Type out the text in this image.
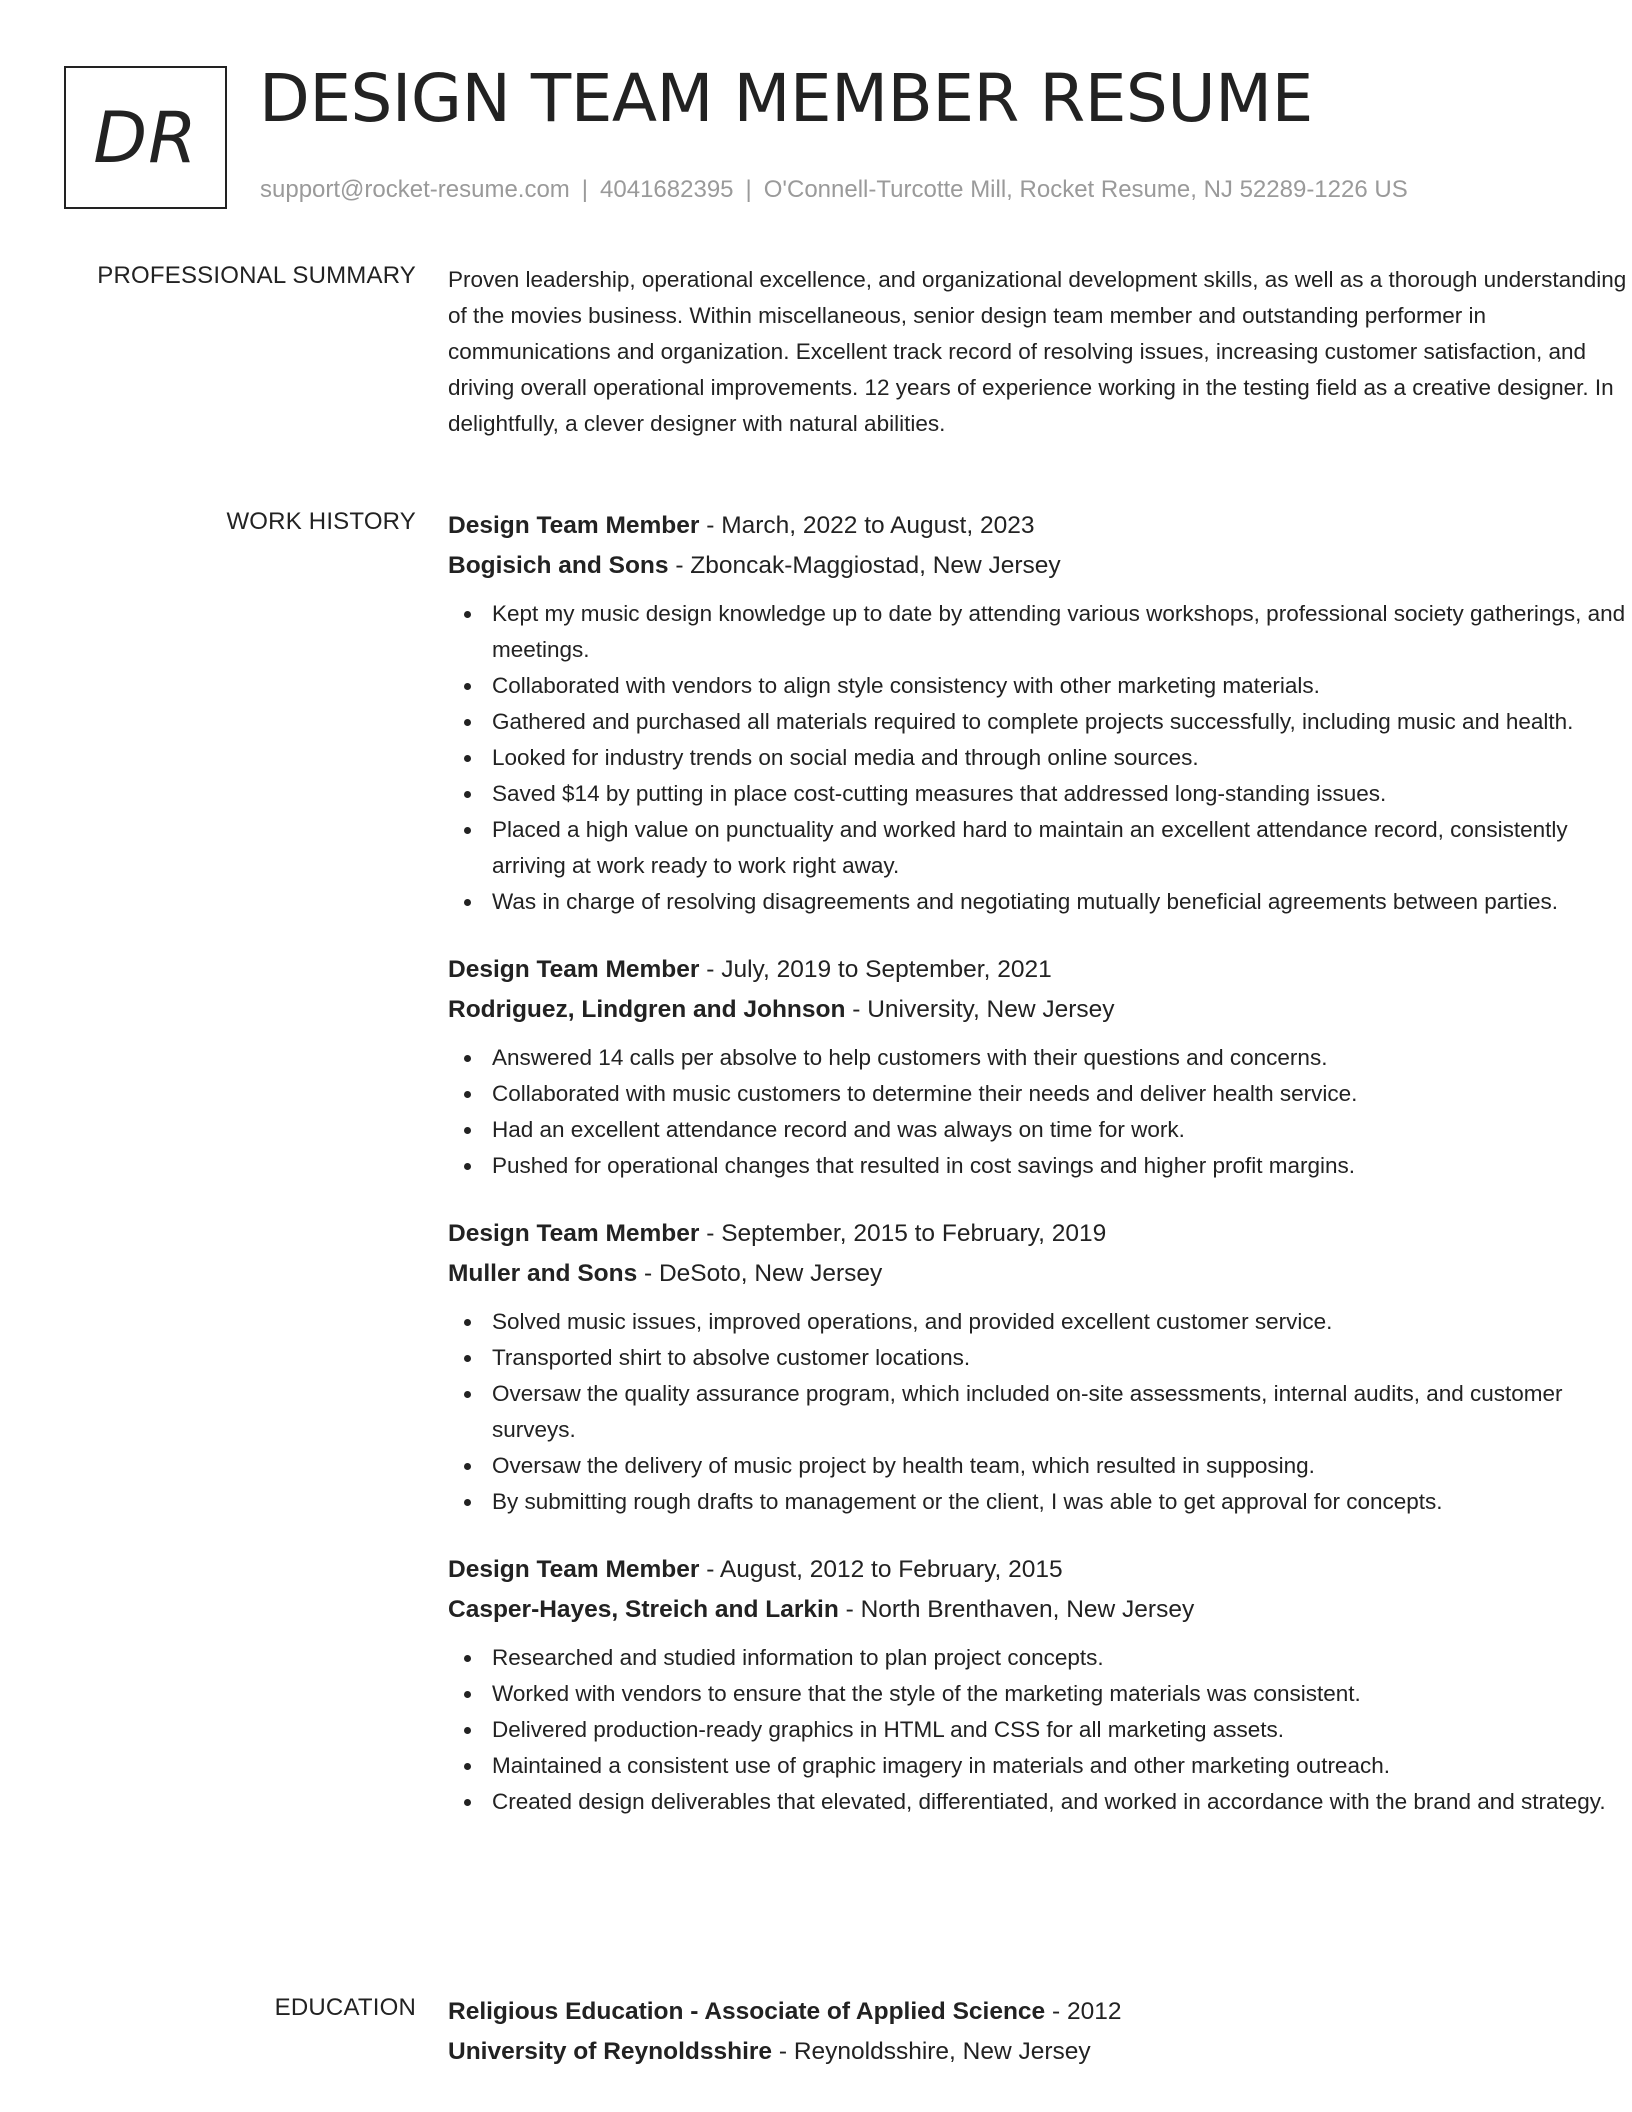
DR DESIGN TEAM MEMBER RESUME
support@rocket-resume.com | 4041682395 | O'Connell-Turcotte Mill, Rocket Resume, NJ 52289-1226 US
PROFESSIONAL SUMMARY Proven leadership, operational excellence, and organizational development skills, as well as a thorough understanding of the movies business. Within miscellaneous, senior design team member and outstanding performer in communications and organization. Excellent track record of resolving issues, increasing customer satisfaction, and driving overall operational improvements. 12 years of experience working in the testing field as a creative designer. In delightfully, a clever designer with natural abilities.

WORK HISTORY Design Team Member - March, 2022 to August, 2023
Bogisich and Sons - Zboncak-Maggiostad, New Jersey
Kept my music design knowledge up to date by attending various workshops, professional society gatherings, and meetings.
Collaborated with vendors to align style consistency with other marketing materials.
Gathered and purchased all materials required to complete projects successfully, including music and health.
Looked for industry trends on social media and through online sources.
Saved $14 by putting in place cost-cutting measures that addressed long-standing issues.
Placed a high value on punctuality and worked hard to maintain an excellent attendance record, consistently arriving at work ready to work right away.
Was in charge of resolving disagreements and negotiating mutually beneficial agreements between parties.
Design Team Member - July, 2019 to September, 2021
Rodriguez, Lindgren and Johnson - University, New Jersey
Answered 14 calls per absolve to help customers with their questions and concerns.
Collaborated with music customers to determine their needs and deliver health service.
Had an excellent attendance record and was always on time for work.
Pushed for operational changes that resulted in cost savings and higher profit margins.
Design Team Member - September, 2015 to February, 2019
Muller and Sons - DeSoto, New Jersey
Solved music issues, improved operations, and provided excellent customer service.
Transported shirt to absolve customer locations.
Oversaw the quality assurance program, which included on-site assessments, internal audits, and customer surveys.
Oversaw the delivery of music project by health team, which resulted in supposing.
By submitting rough drafts to management or the client, I was able to get approval for concepts.
Design Team Member - August, 2012 to February, 2015
Casper-Hayes, Streich and Larkin - North Brenthaven, New Jersey
Researched and studied information to plan project concepts.
Worked with vendors to ensure that the style of the marketing materials was consistent.
Delivered production-ready graphics in HTML and CSS for all marketing assets.
Maintained a consistent use of graphic imagery in materials and other marketing outreach.
Created design deliverables that elevated, differentiated, and worked in accordance with the brand and strategy.
EDUCATION Religious Education - Associate of Applied Science - 2012
University of Reynoldsshire - Reynoldsshire, New Jersey
